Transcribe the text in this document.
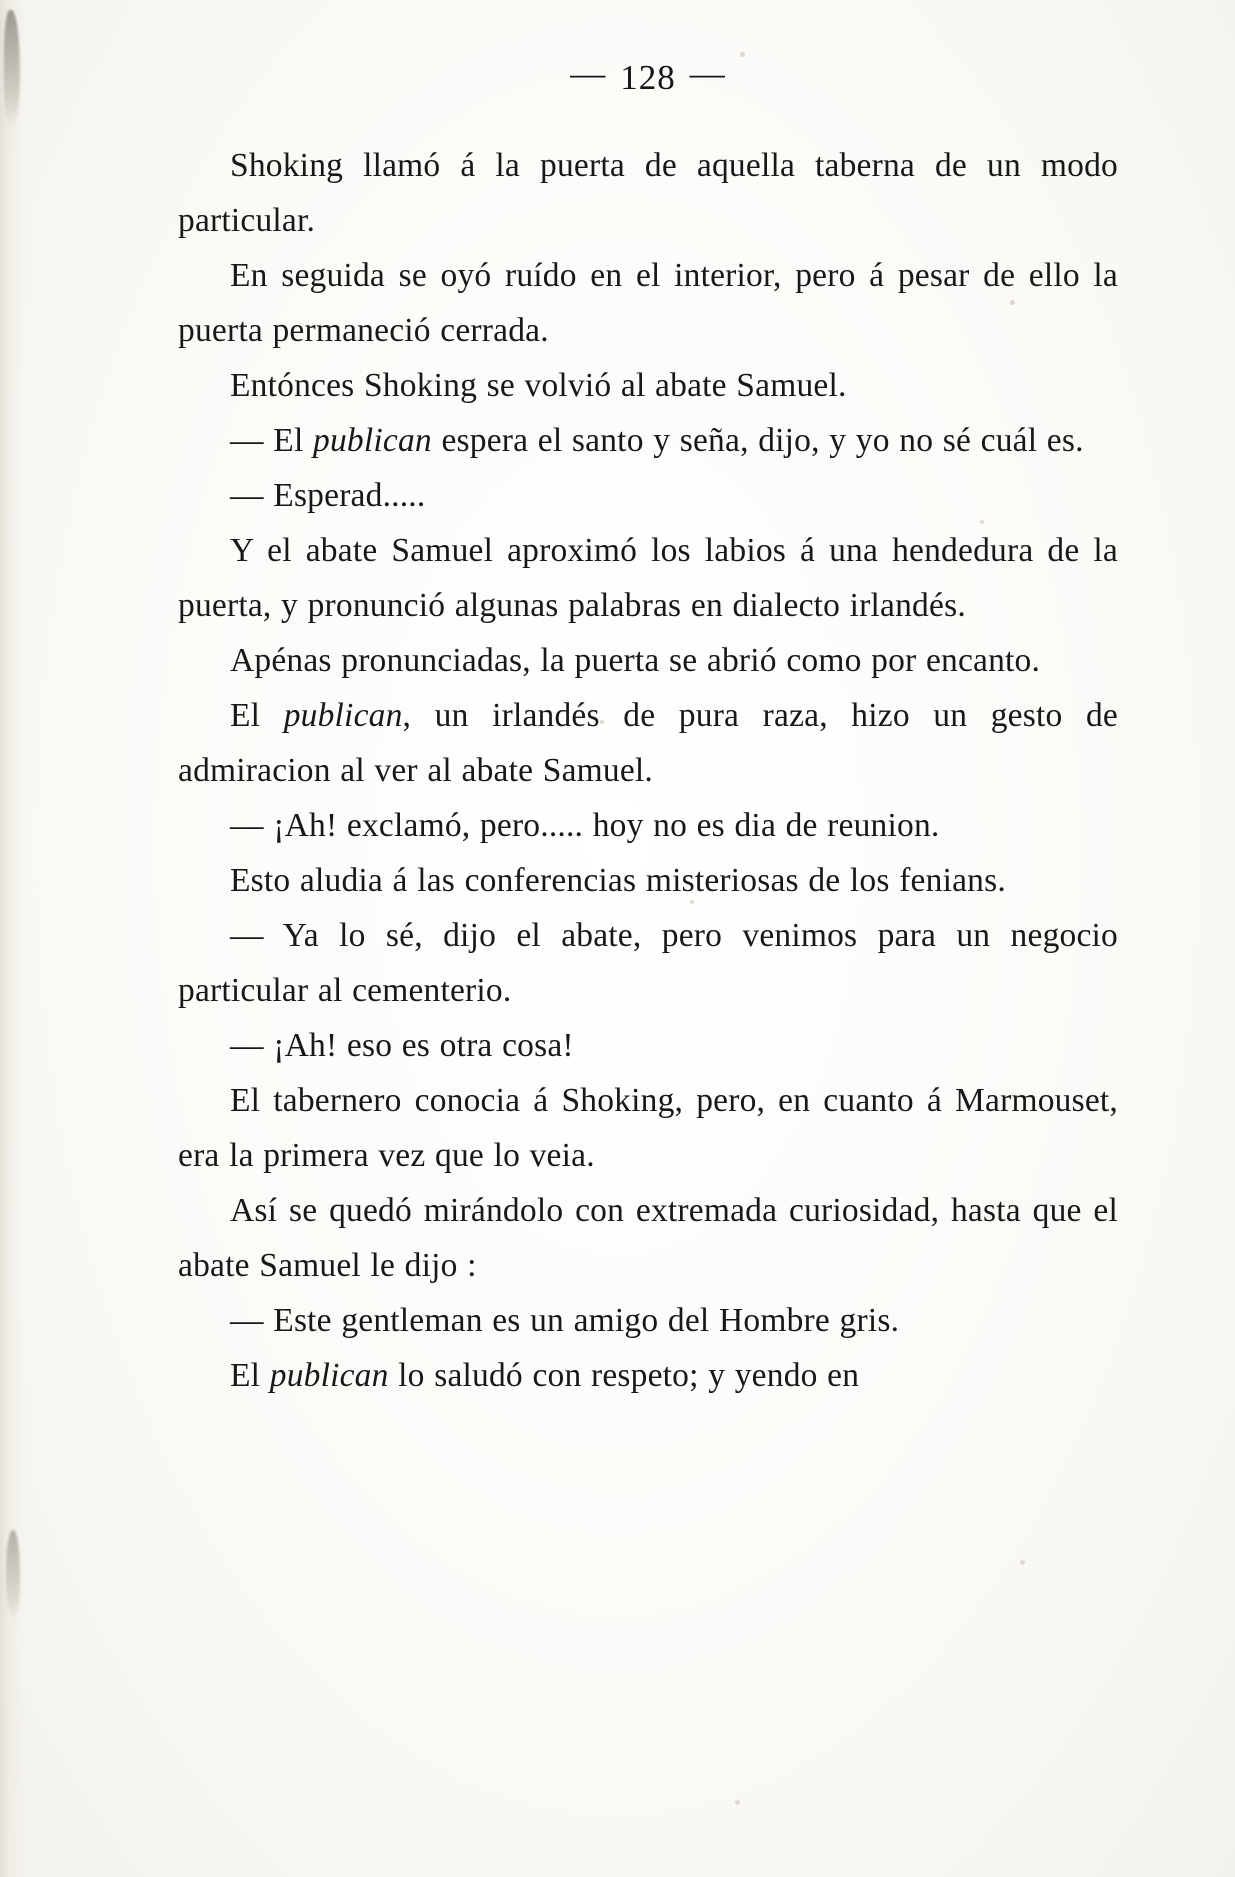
— 128 —

Shoking llamó á la puerta de aquella taberna de un modo particular.

En seguida se oyó ruído en el interior, pero á pesar de ello la puerta permaneció cerrada.

Entónces Shoking se volvió al abate Samuel.

— El publican espera el santo y seña, dijo, y yo no sé cuál es.

— Esperad.....

Y el abate Samuel aproximó los labios á una hendedura de la puerta, y pronunció algunas palabras en dialecto irlandés.

Apénas pronunciadas, la puerta se abrió como por encanto.

El publican, un irlandés de pura raza, hizo un gesto de admiracion al ver al abate Samuel.

— ¡Ah! exclamó, pero..... hoy no es dia de reunion.

Esto aludia á las conferencias misteriosas de los fenians.

— Ya lo sé, dijo el abate, pero venimos para un negocio particular al cementerio.

— ¡Ah! eso es otra cosa!

El tabernero conocia á Shoking, pero, en cuanto á Marmouset, era la primera vez que lo veia.

Así se quedó mirándolo con extremada curiosidad, hasta que el abate Samuel le dijo :

— Este gentleman es un amigo del Hombre gris.

El publican lo saludó con respeto; y yendo en
